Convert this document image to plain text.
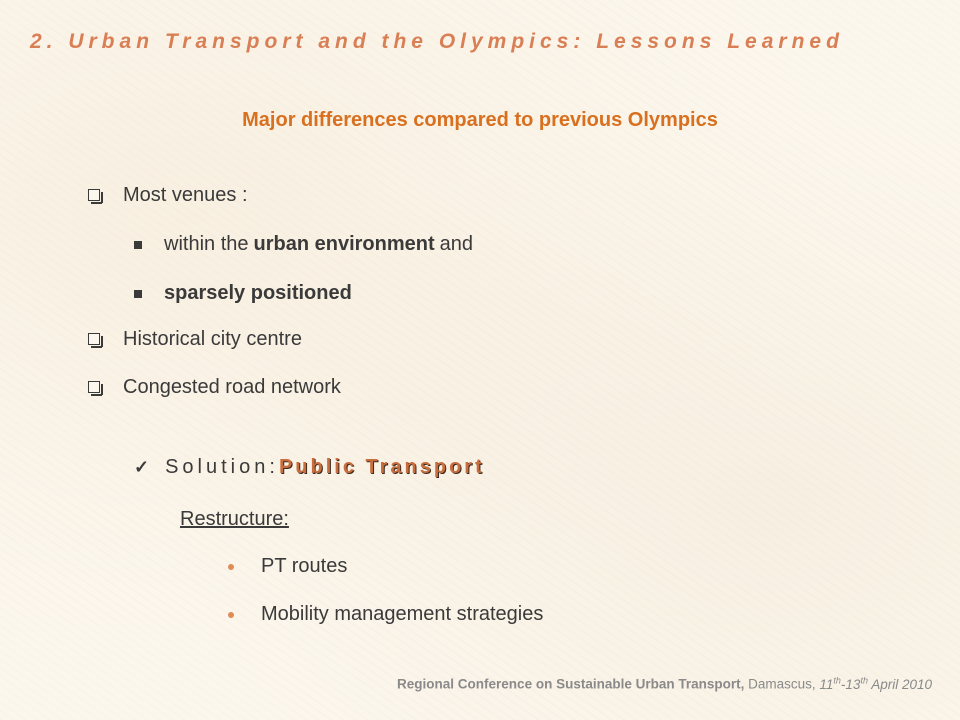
2. Urban Transport and the Olympics: Lessons Learned
Major differences compared to previous Olympics
Most venues :
within the urban environment and
sparsely positioned
Historical city centre
Congested road network
✓ Solution: Public Transport
Restructure:
PT routes
Mobility management strategies
Regional Conference on Sustainable Urban Transport, Damascus, 11th-13th April 2010
